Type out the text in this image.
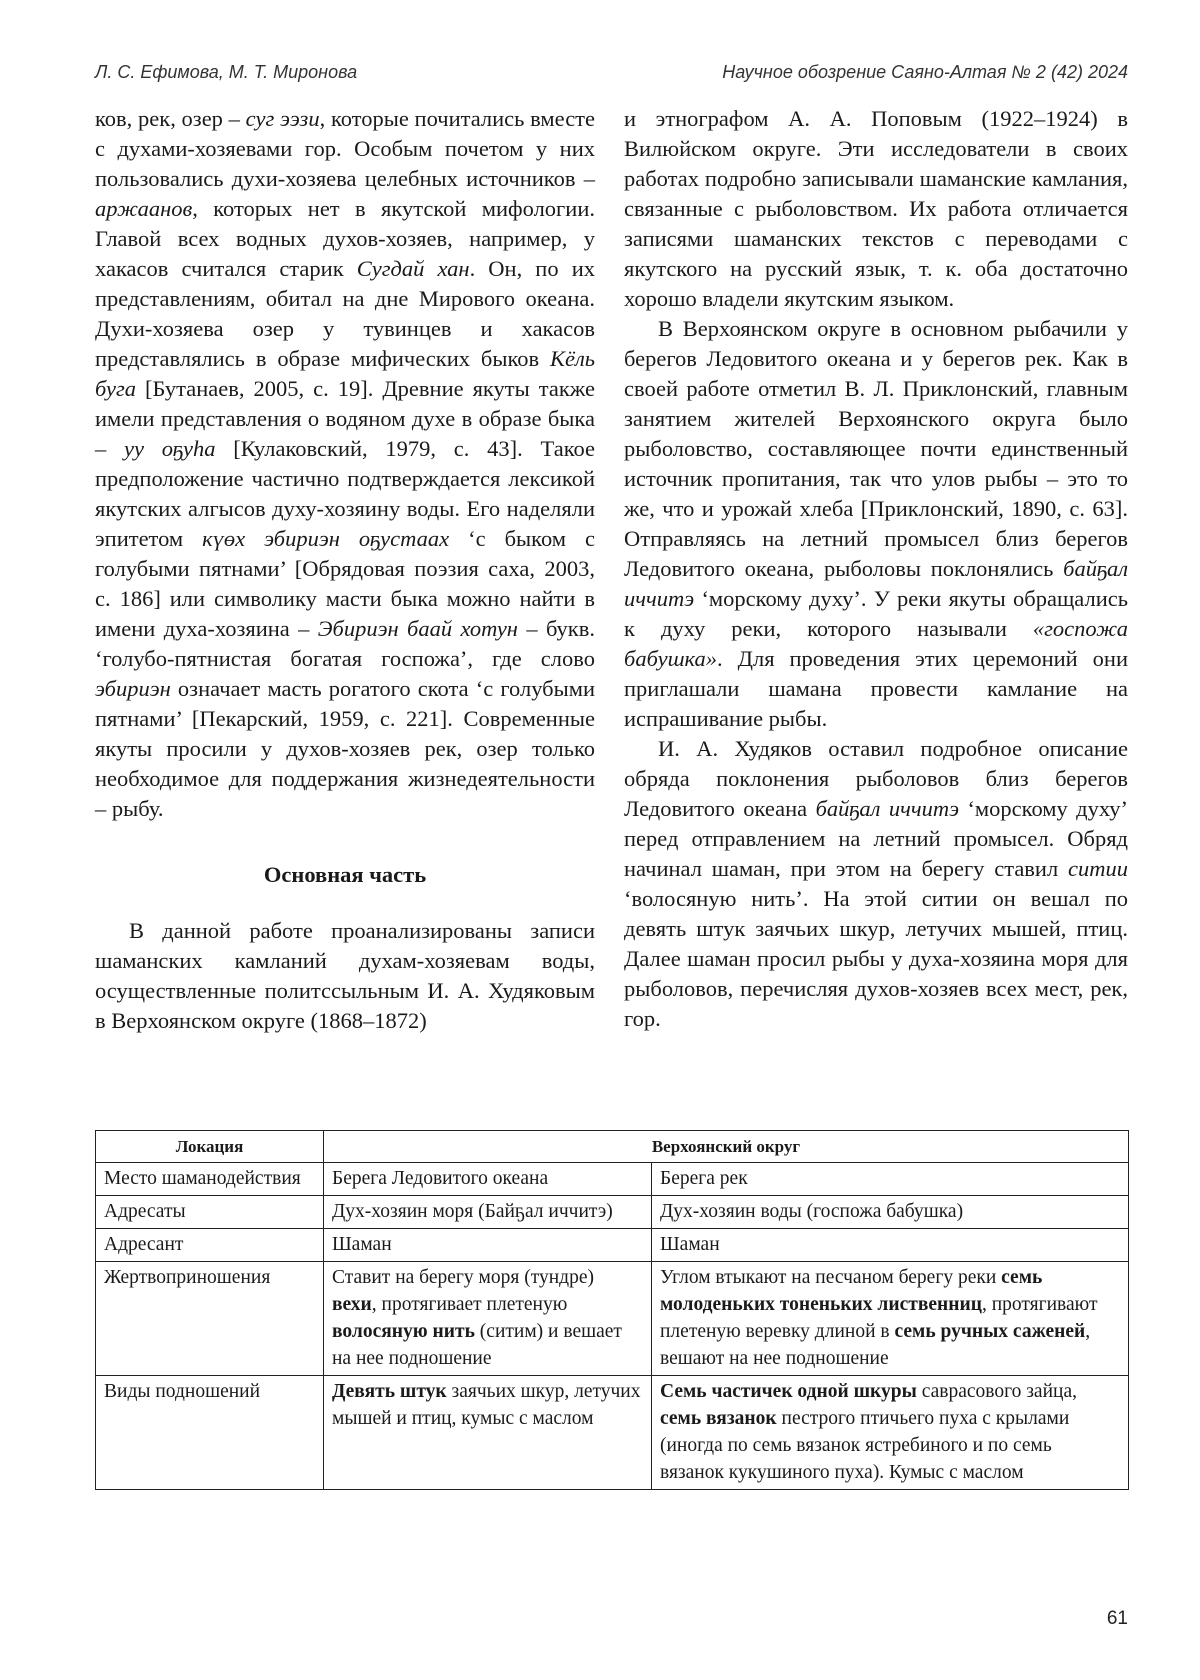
Л. С. Ефимова, М. Т. Миронова	Научное обозрение Саяно-Алтая № 2 (42) 2024

ков, рек, озер – суг ээзи, которые почитались вместе с духами-хозяевами гор. Особым почетом у них пользовались духи-хозяева целебных источников – аржаанов, которых нет в якутской мифологии. Главой всех водных духов-хозяев, например, у хакасов считался старик Сугдай хан. Он, по их представлениям, обитал на дне Мирового океана. Духи-хозяева озер у тувинцев и хакасов представлялись в образе мифических быков Кёль буга [Бутанаев, 2005, с. 19]. Древние якуты также имели представления о водяном духе в образе быка – уу оҕуһа [Кулаковский, 1979, с. 43]. Такое предположение частично подтверждается лексикой якутских алгысов духу-хозяину воды. Его наделяли эпитетом күөх эбириэн оҕустаах ‘с быком с голубыми пятнами’ [Обрядовая поэзия саха, 2003, с. 186] или символику масти быка можно найти в имени духа-хозяина – Эбириэн баай хотун – букв. ‘голубо-пятнистая богатая госпожа’, где слово эбириэн означает масть рогатого скота ‘с голубыми пятнами’ [Пекарский, 1959, с. 221]. Современные якуты просили у духов-хозяев рек, озер только необходимое для поддержания жизнедеятельности – рыбу.

Основная часть

В данной работе проанализированы записи шаманских камланий духам-хозяевам воды, осуществленные политссыльным И. А. Худяковым в Верхоянском округе (1868–1872)

и этнографом А. А. Поповым (1922–1924) в Вилюйском округе. Эти исследователи в своих работах подробно записывали шаманские камлания, связанные с рыболовством. Их работа отличается записями шаманских текстов с переводами с якутского на русский язык, т. к. оба достаточно хорошо владели якутским языком.

В Верхоянском округе в основном рыбачили у берегов Ледовитого океана и у берегов рек. Как в своей работе отметил В. Л. Приклонский, главным занятием жителей Верхоянского округа было рыболовство, составляющее почти единственный источник пропитания, так что улов рыбы – это то же, что и урожай хлеба [Приклонский, 1890, с. 63]. Отправляясь на летний промысел близ берегов Ледовитого океана, рыболовы поклонялись байҕал иччитэ ‘морскому духу’. У реки якуты обращались к духу реки, которого называли «госпожа бабушка». Для проведения этих церемоний они приглашали шамана провести камлание на испрашивание рыбы.

И. А. Худяков оставил подробное описание обряда поклонения рыболовов близ берегов Ледовитого океана байҕал иччитэ ‘морскому духу’ перед отправлением на летний промысел. Обряд начинал шаман, при этом на берегу ставил ситии ‘волосяную нить’. На этой ситии он вешал по девять штук заячьих шкур, летучих мышей, птиц. Далее шаман просил рыбы у духа-хозяина моря для рыболовов, перечисляя духов-хозяев всех мест, рек, гор.

Локация	Верхоянский округ	
Место шаманодействия	Берега Ледовитого океана	Берега рек
Адресаты	Дух-хозяин моря (Байҕал иччитэ)	Дух-хозяин воды (госпожа бабушка)
Адресант	Шаман	Шаман
Жертвоприношения	Ставит на берегу моря (тундре) вехи, протягивает плетеную волосяную нить (ситим) и вешает на нее подношение	Углом втыкают на песчаном берегу реки семь молоденьких тоненьких лиственниц, протягивают плетеную веревку длиной в семь ручных саженей, вешают на нее подношение
Виды подношений	Девять штук заячьих шкур, летучих мышей и птиц, кумыс с маслом	Семь частичек одной шкуры саврасового зайца, семь вязанок пестрого птичьего пуха с крылами (иногда по семь вязанок ястребиного и по семь вязанок кукушиного пуха). Кумыс с маслом
61
